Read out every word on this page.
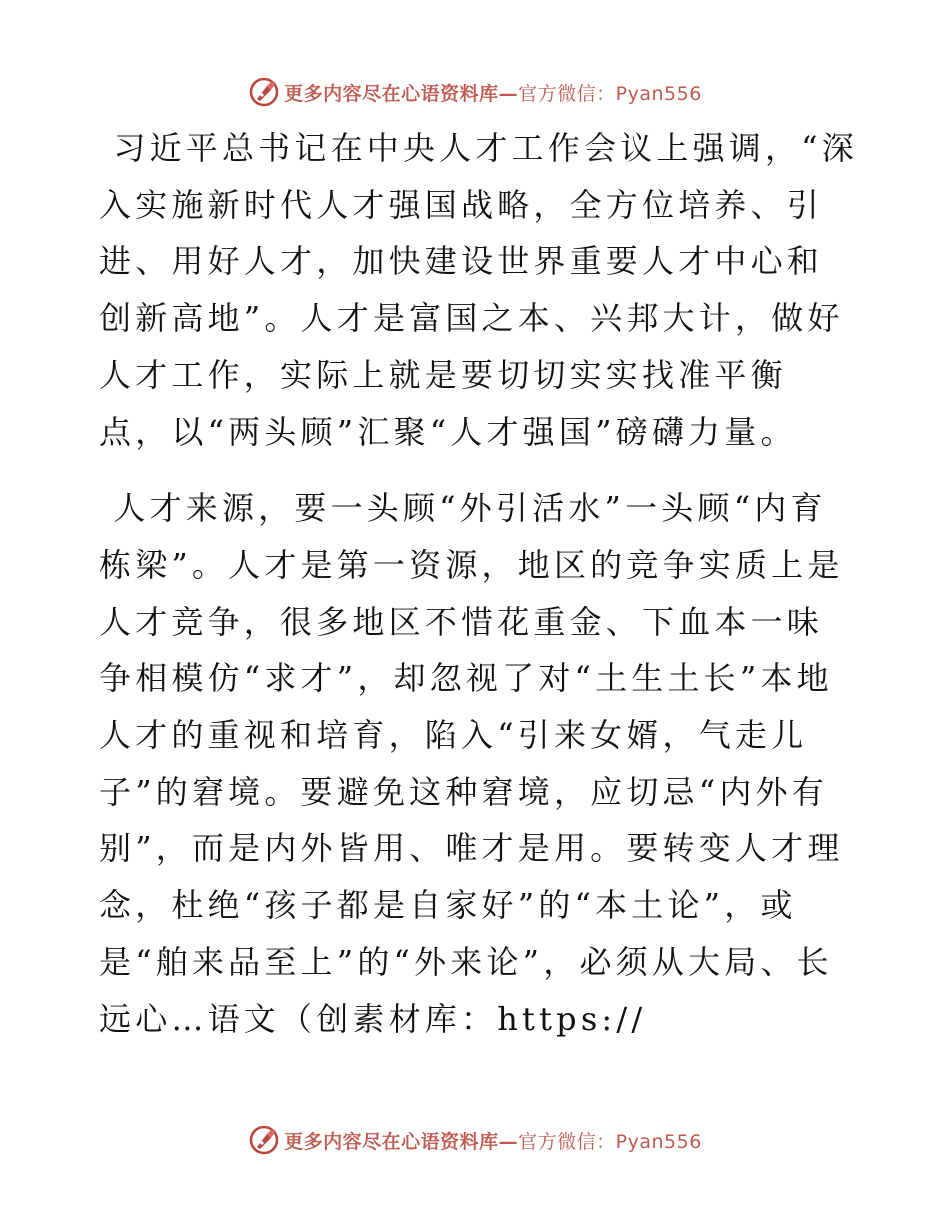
更多内容尽在心语资料库—官方微信：Pyan556

习近平总书记在中央人才工作会议上强调，“深入实施新时代人才强国战略，全方位培养、引进、用好人才，加快建设世界重要人才中心和创新高地”。人才是富国之本、兴邦大计，做好人才工作，实际上就是要切切实实找准平衡点，以“两头顾”汇聚“人才强国”磅礴力量。

人才来源，要一头顾“外引活水”一头顾“内育栋梁”。人才是第一资源，地区的竞争实质上是人才竞争，很多地区不惜花重金、下血本一味争相模仿“求才”，却忽视了对“土生土长”本地人才的重视和培育，陷入“引来女婿，气走儿子”的窘境。要避免这种窘境，应切忌“内外有别”，而是内外皆用、唯才是用。要转变人才理念，杜绝“孩子都是自家好”的“本土论”，或是“舶来品至上”的“外来论”，必须从大局、长远心…语文（创素材库：https://

更多内容尽在心语资料库—官方微信：Pyan556
